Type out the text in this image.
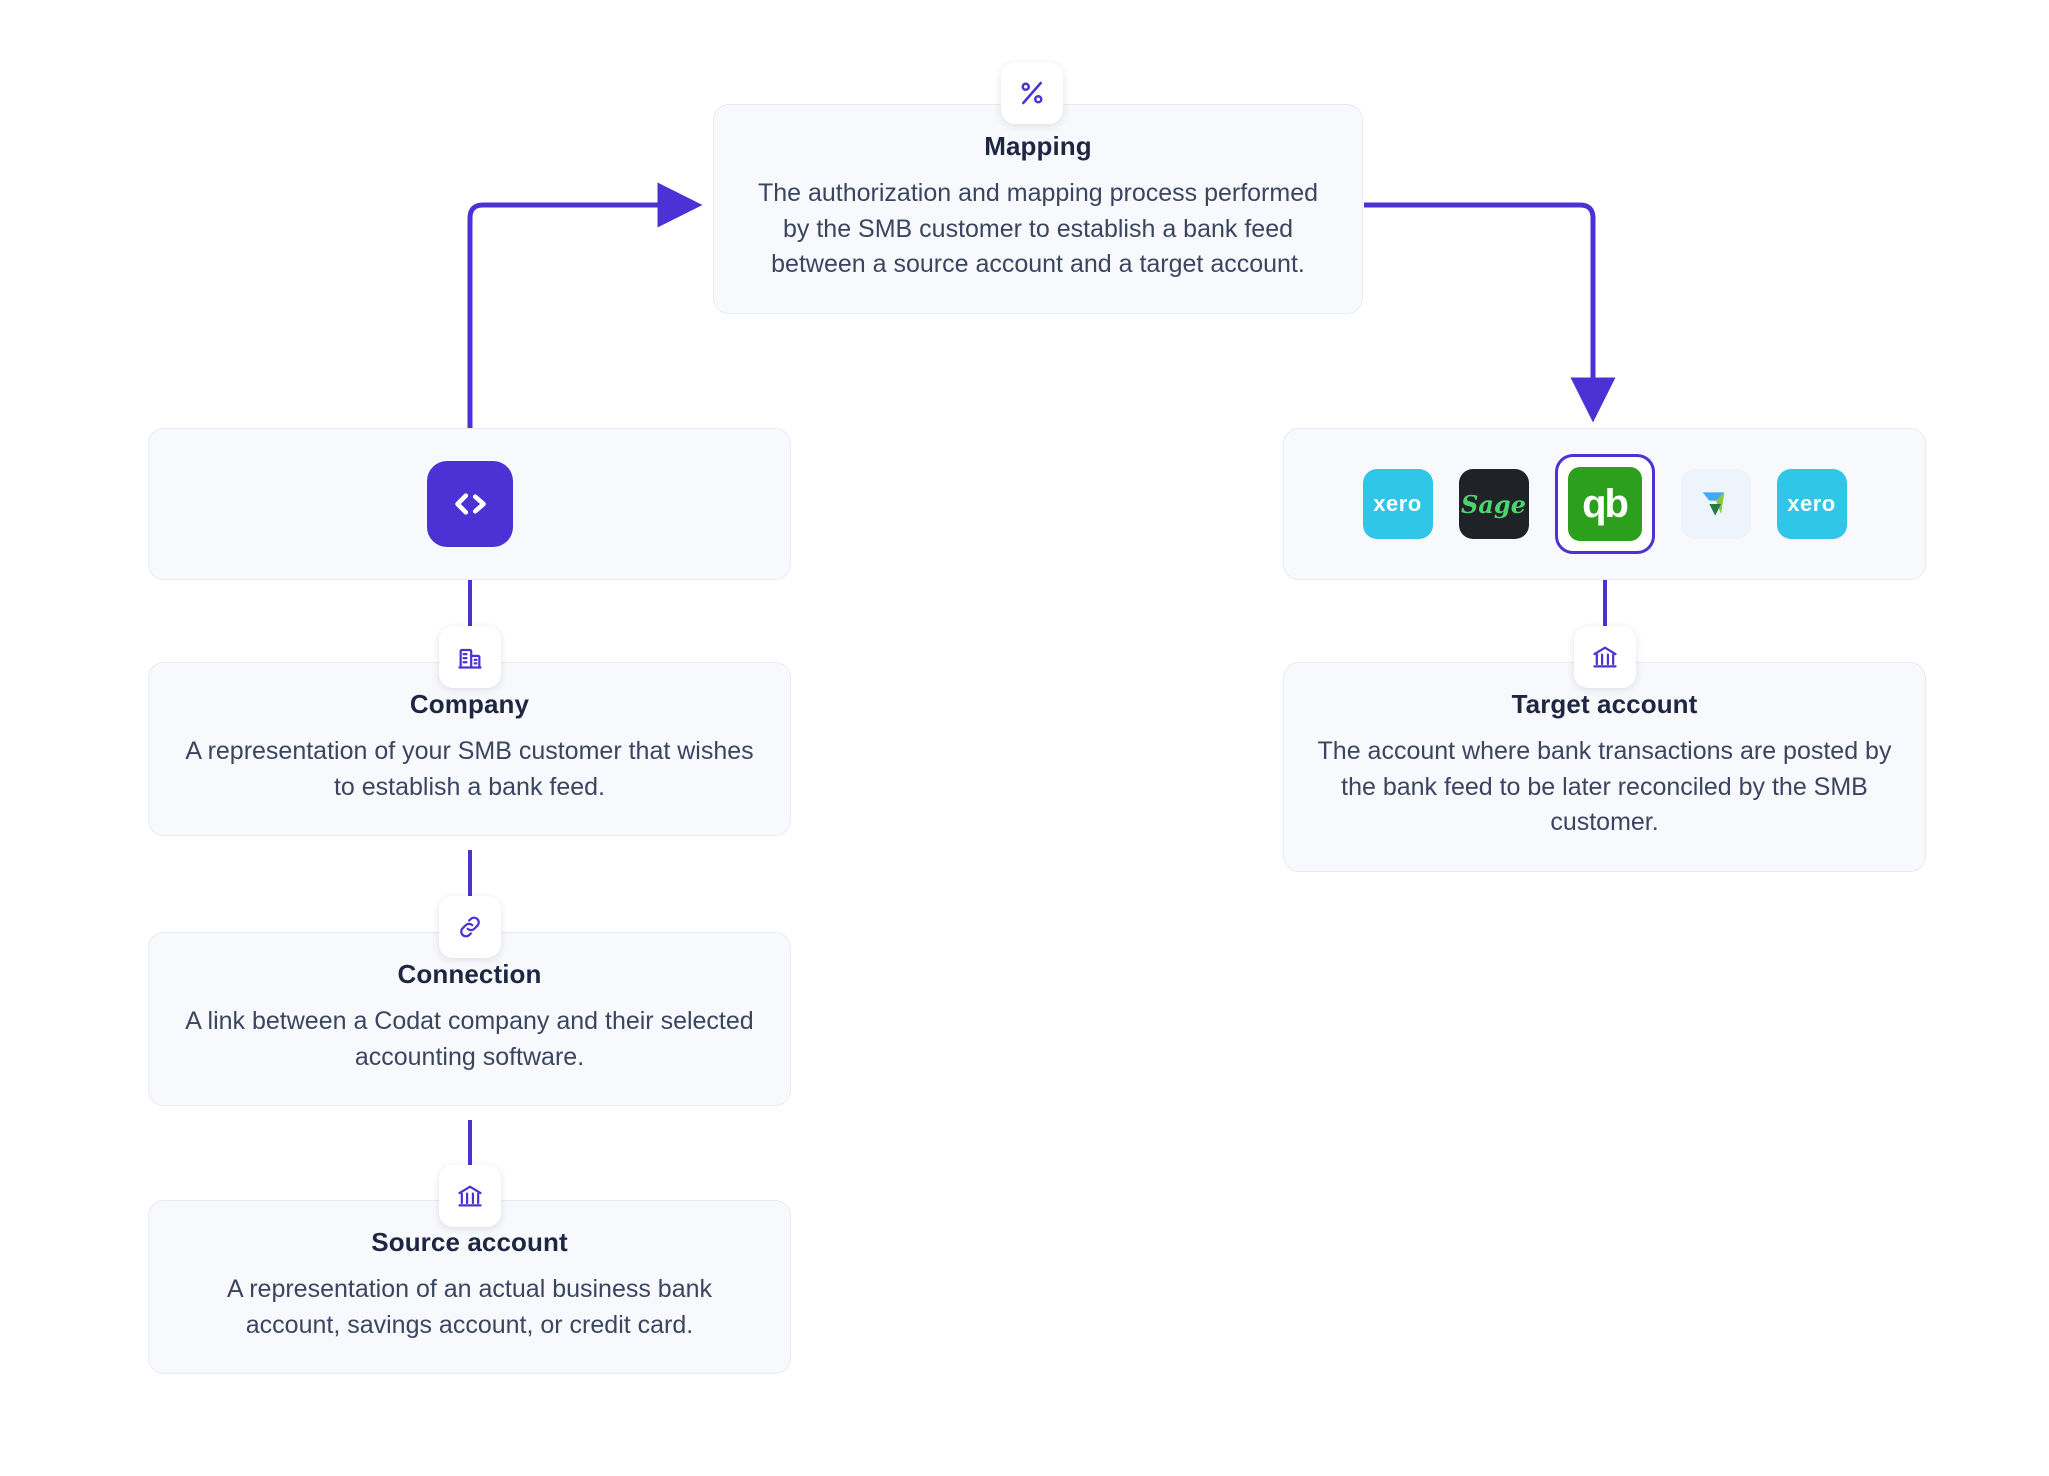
Mapping
The authorization and mapping process performed by the SMB customer to establish a bank feed between a source account and a target account.
Company
A representation of your SMB customer that wishes to establish a bank feed.
Connection
A link between a Codat company and their selected accounting software.
Source account
A representation of an actual business bank account, savings account, or credit card.
xero Sage qb	xero
Target account
The account where bank transactions are posted by the bank feed to be later reconciled by the SMB customer.
